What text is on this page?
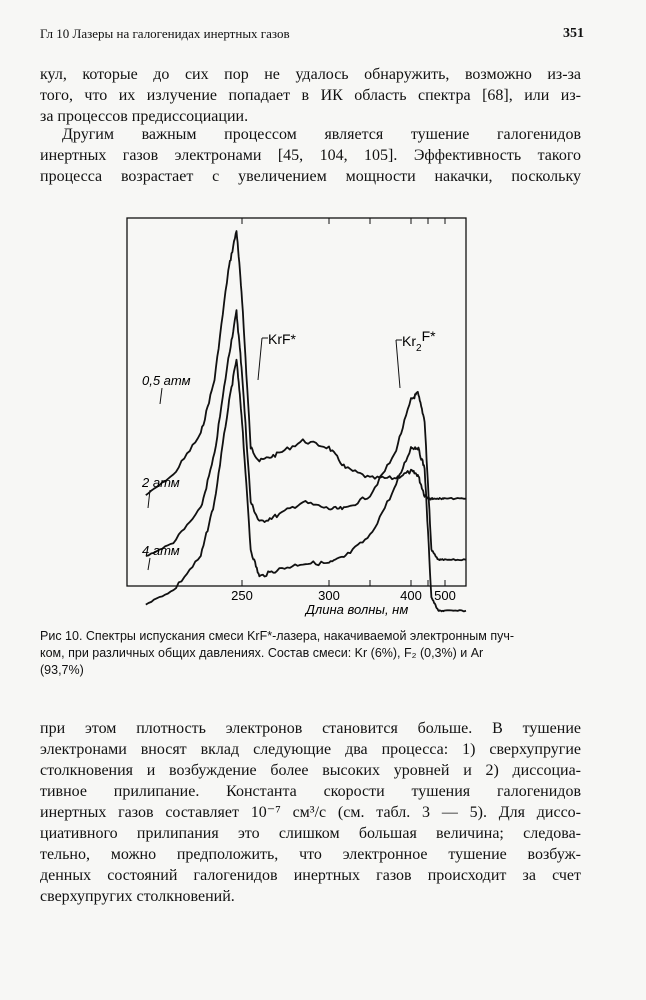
Гл 10 Лазеры на галогенидах инертных газов	351

кул, которые до сих пор не удалось обнаружить, возможно из-за
того, что их излучение попадает в ИК область спектра [68], или из-
за процессов предиссоциации.

Другим важным процессом является тушение галогенидов
инертных газов электронами [45, 104, 105]. Эффективность такого
процесса возрастает с увеличением мощности накачки, поскольку

0,5 атм
2 атм
4 атм
KrF*	$Kr_2F*$
250	300	400 500
Длина волны, нм

Рис 10. Спектры испускания смеси KrF*-лазера, накачиваемой электронным пуч-
ком, при различных общих давлениях. Состав смеси: Kr (6%), F₂ (0,3%) и Ar
(93,7%)

при этом плотность электронов становится больше. В тушение
электронами вносят вклад следующие два процесса: 1) сверхупругие
столкновения и возбуждение более высоких уровней и 2) диссоциа-
тивное прилипание. Константа скорости тушения галогенидов
инертных газов составляет 10⁻⁷ см³/с (см. табл. 3 — 5). Для диссо-
циативного прилипания это слишком большая величина; следова-
тельно, можно предположить, что электронное тушение возбуж-
денных состояний галогенидов инертных газов происходит за счет
сверхупругих столкновений.
